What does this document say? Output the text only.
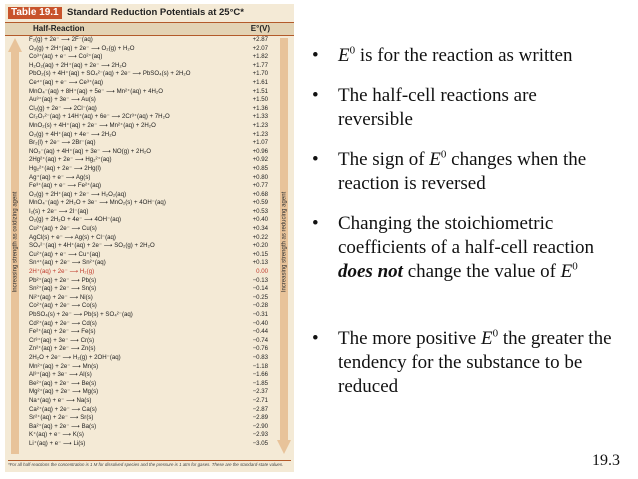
Table 19.1 Standard Reduction Potentials at 25°C*
Half-Reaction	E°(V)
Increasing strength as oxidizing agent	Increasing strength as reducing agent
F₂(g) + 2e⁻ ⟶ 2F⁻(aq)	+2.87
O₃(g) + 2H⁺(aq) + 2e⁻ ⟶ O₂(g) + H₂O	+2.07
Co³⁺(aq) + e⁻ ⟶ Co²⁺(aq)	+1.82
H₂O₂(aq) + 2H⁺(aq) + 2e⁻ ⟶ 2H₂O	+1.77
PbO₂(s) + 4H⁺(aq) + SO₄²⁻(aq) + 2e⁻ ⟶ PbSO₄(s) + 2H₂O	+1.70
Ce⁴⁺(aq) + e⁻ ⟶ Ce³⁺(aq)	+1.61
MnO₄⁻(aq) + 8H⁺(aq) + 5e⁻ ⟶ Mn²⁺(aq) + 4H₂O	+1.51
Au³⁺(aq) + 3e⁻ ⟶ Au(s)	+1.50
Cl₂(g) + 2e⁻ ⟶ 2Cl⁻(aq)	+1.36
Cr₂O₇²⁻(aq) + 14H⁺(aq) + 6e⁻ ⟶ 2Cr³⁺(aq) + 7H₂O	+1.33
MnO₂(s) + 4H⁺(aq) + 2e⁻ ⟶ Mn²⁺(aq) + 2H₂O	+1.23
O₂(g) + 4H⁺(aq) + 4e⁻ ⟶ 2H₂O	+1.23
Br₂(l) + 2e⁻ ⟶ 2Br⁻(aq)	+1.07
NO₃⁻(aq) + 4H⁺(aq) + 3e⁻ ⟶ NO(g) + 2H₂O	+0.96
2Hg²⁺(aq) + 2e⁻ ⟶ Hg₂²⁺(aq)	+0.92
Hg₂²⁺(aq) + 2e⁻ ⟶ 2Hg(l)	+0.85
Ag⁺(aq) + e⁻ ⟶ Ag(s)	+0.80
Fe³⁺(aq) + e⁻ ⟶ Fe²⁺(aq)	+0.77
O₂(g) + 2H⁺(aq) + 2e⁻ ⟶ H₂O₂(aq)	+0.68
MnO₄⁻(aq) + 2H₂O + 3e⁻ ⟶ MnO₂(s) + 4OH⁻(aq)	+0.59
I₂(s) + 2e⁻ ⟶ 2I⁻(aq)	+0.53
O₂(g) + 2H₂O + 4e⁻ ⟶ 4OH⁻(aq)	+0.40
Cu²⁺(aq) + 2e⁻ ⟶ Cu(s)	+0.34
AgCl(s) + e⁻ ⟶ Ag(s) + Cl⁻(aq)	+0.22
SO₄²⁻(aq) + 4H⁺(aq) + 2e⁻ ⟶ SO₂(g) + 2H₂O	+0.20
Cu²⁺(aq) + e⁻ ⟶ Cu⁺(aq)	+0.15
Sn⁴⁺(aq) + 2e⁻ ⟶ Sn²⁺(aq)	+0.13
2H⁺(aq) + 2e⁻ ⟶ H₂(g)	0.00
Pb²⁺(aq) + 2e⁻ ⟶ Pb(s)	−0.13
Sn²⁺(aq) + 2e⁻ ⟶ Sn(s)	−0.14
Ni²⁺(aq) + 2e⁻ ⟶ Ni(s)	−0.25
Co²⁺(aq) + 2e⁻ ⟶ Co(s)	−0.28
PbSO₄(s) + 2e⁻ ⟶ Pb(s) + SO₄²⁻(aq)	−0.31
Cd²⁺(aq) + 2e⁻ ⟶ Cd(s)	−0.40
Fe²⁺(aq) + 2e⁻ ⟶ Fe(s)	−0.44
Cr³⁺(aq) + 3e⁻ ⟶ Cr(s)	−0.74
Zn²⁺(aq) + 2e⁻ ⟶ Zn(s)	−0.76
2H₂O + 2e⁻ ⟶ H₂(g) + 2OH⁻(aq)	−0.83
Mn²⁺(aq) + 2e⁻ ⟶ Mn(s)	−1.18
Al³⁺(aq) + 3e⁻ ⟶ Al(s)	−1.66
Be²⁺(aq) + 2e⁻ ⟶ Be(s)	−1.85
Mg²⁺(aq) + 2e⁻ ⟶ Mg(s)	−2.37
Na⁺(aq) + e⁻ ⟶ Na(s)	−2.71
Ca²⁺(aq) + 2e⁻ ⟶ Ca(s)	−2.87
Sr²⁺(aq) + 2e⁻ ⟶ Sr(s)	−2.89
Ba²⁺(aq) + 2e⁻ ⟶ Ba(s)	−2.90
K⁺(aq) + e⁻ ⟶ K(s)	−2.93
Li⁺(aq) + e⁻ ⟶ Li(s)	−3.05
*For all half-reactions the concentration is 1 M for dissolved species and the pressure is 1 atm for gases. These are the standard-state values.
• $E^0$ is for the reaction as written
• The half-cell reactions are reversible
• The sign of $E^0$ changes when the reaction is reversed
• Changing the stoichiometric coefficients of a half-cell reaction does not change the value of $E^0$
• The more positive $E^0$ the greater the tendency for the substance to be reduced
19.3
